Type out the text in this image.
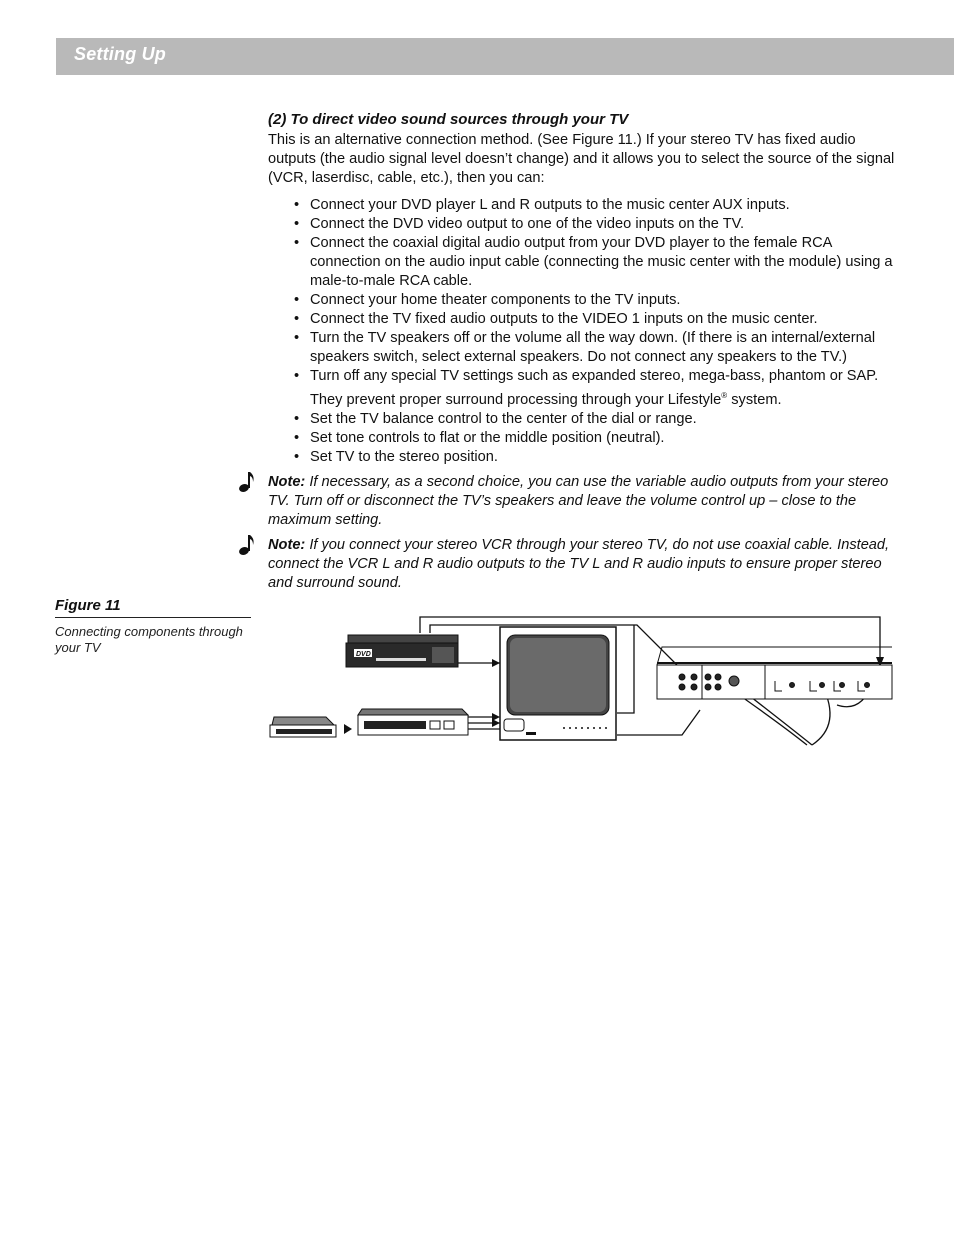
Setting Up
(2) To direct video sound sources through your TV
This is an alternative connection method. (See Figure 11.) If your stereo TV has fixed audio outputs (the audio signal level doesn’t change) and it allows you to select the source of the signal (VCR, laserdisc, cable, etc.), then you can:
• Connect your DVD player L and R outputs to the music center AUX inputs.
• Connect the DVD video output to one of the video inputs on the TV.
• Connect the coaxial digital audio output from your DVD player to the female RCA connection on the audio input cable (connecting the music center with the module) using a male-to-male RCA cable.
• Connect your home theater components to the TV inputs.
• Connect the TV fixed audio outputs to the VIDEO 1 inputs on the music center.
• Turn the TV speakers off or the volume all the way down. (If there is an internal/external speakers switch, select external speakers. Do not connect any speakers to the TV.)
• Turn off any special TV settings such as expanded stereo, mega-bass, phantom or SAP. They prevent proper surround processing through your Lifestyle® system.
• Set the TV balance control to the center of the dial or range.
• Set tone controls to flat or the middle position (neutral).
• Set TV to the stereo position.
Note: If necessary, as a second choice, you can use the variable audio outputs from your stereo TV. Turn off or disconnect the TV’s speakers and leave the volume control up – close to the maximum setting.
Note: If you connect your stereo VCR through your stereo TV, do not use coaxial cable. Instead, connect the VCR L and R audio outputs to the TV L and R audio inputs to ensure proper stereo and surround sound.
Figure 11
Connecting components through your TV	DVD
